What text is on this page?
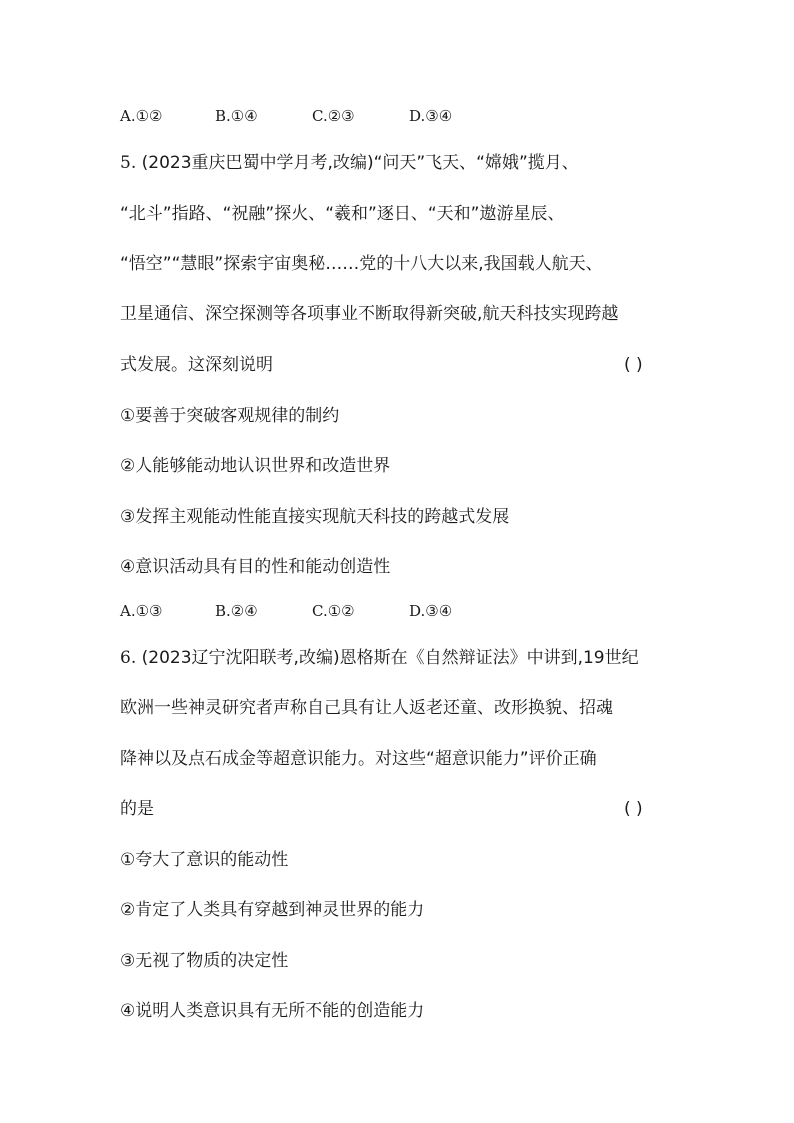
A.①②	B.①④	C.②③	D.③④
5. (2023重庆巴蜀中学月考,改编)“问天”飞天、“嫦娥”揽月、
“北斗”指路、“祝融”探火、“羲和”逐日、“天和”遨游星辰、
“悟空”“慧眼”探索宇宙奥秘……党的十八大以来,我国载人航天、
卫星通信、深空探测等各项事业不断取得新突破,航天科技实现跨越
式发展。这深刻说明	( )
①要善于突破客观规律的制约
②人能够能动地认识世界和改造世界
③发挥主观能动性能直接实现航天科技的跨越式发展
④意识活动具有目的性和能动创造性
A.①③	B.②④	C.①②	D.③④
6. (2023辽宁沈阳联考,改编)恩格斯在《自然辩证法》中讲到,19世纪
欧洲一些神灵研究者声称自己具有让人返老还童、改形换貌、招魂
降神以及点石成金等超意识能力。对这些“超意识能力”评价正确
的是	( )
①夸大了意识的能动性
②肯定了人类具有穿越到神灵世界的能力
③无视了物质的决定性
④说明人类意识具有无所不能的创造能力
